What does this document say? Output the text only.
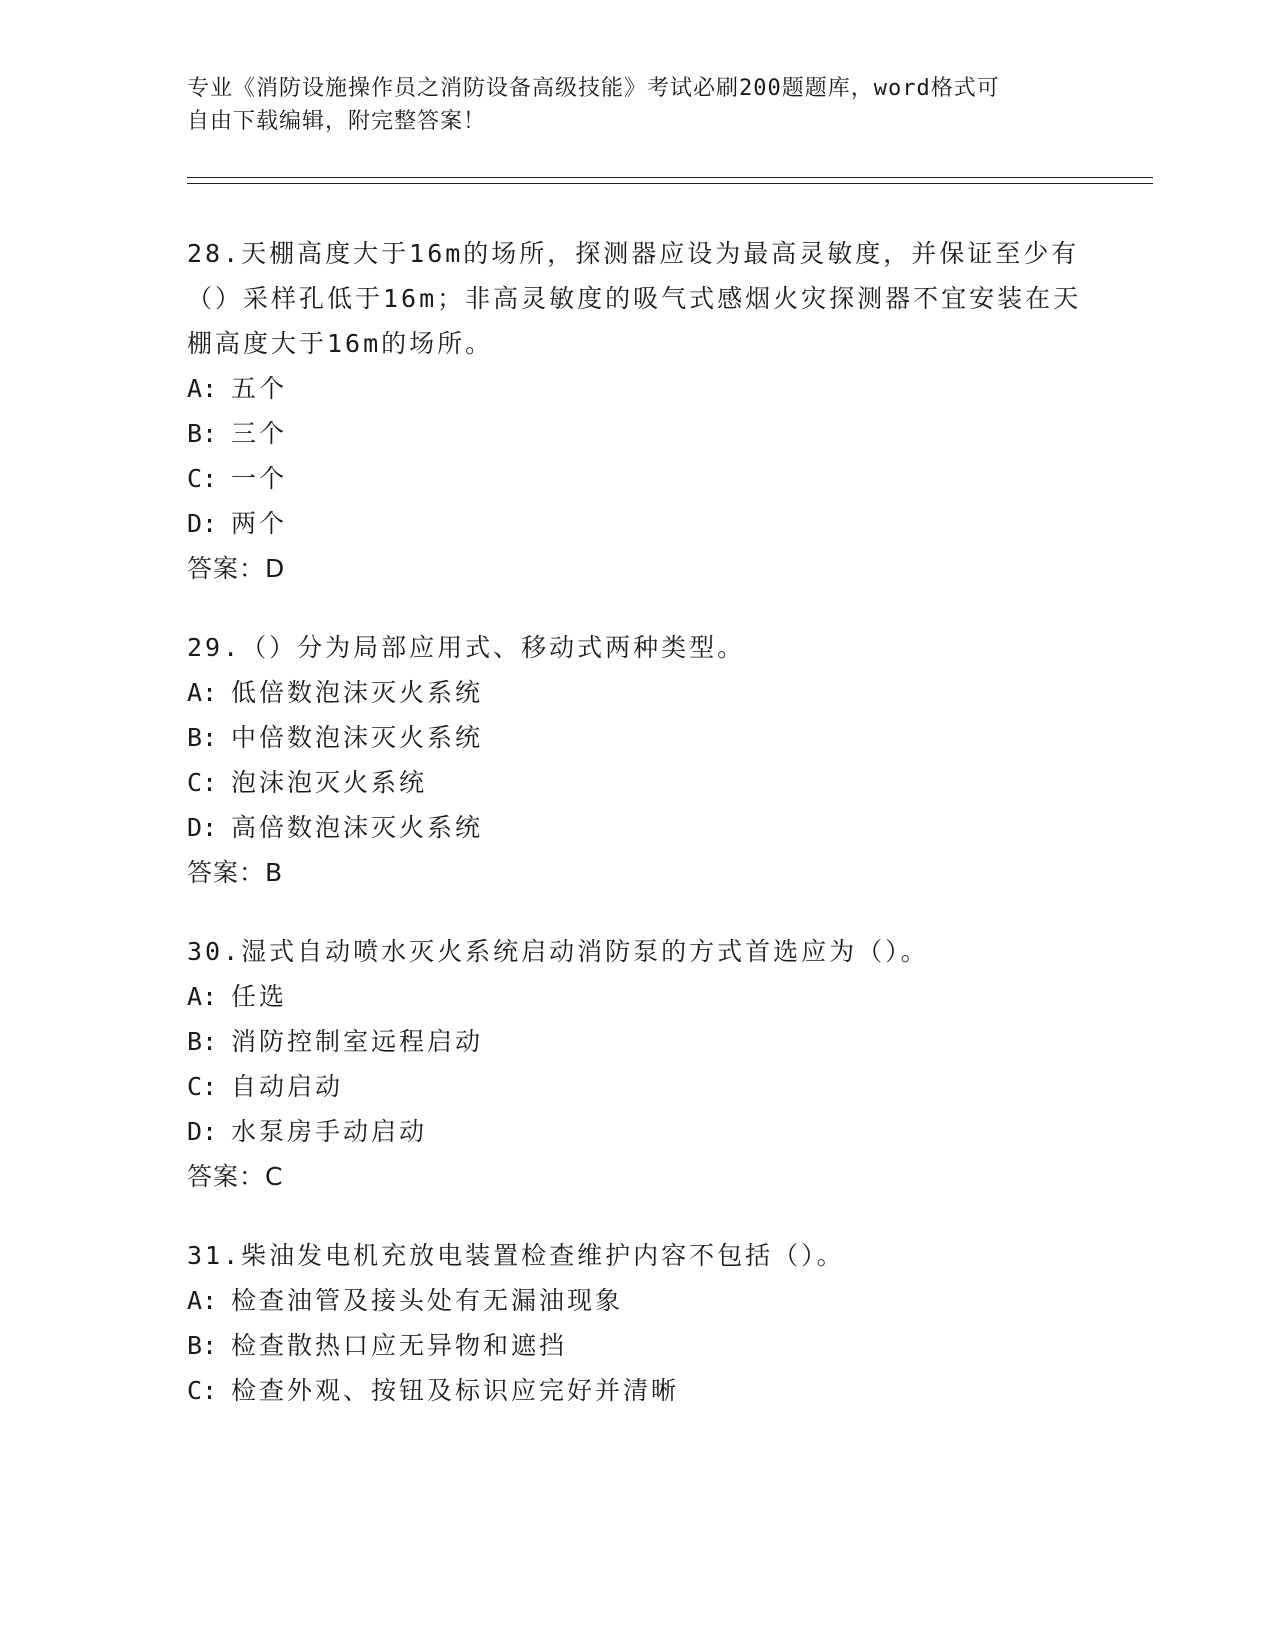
专业《消防设施操作员之消防设备高级技能》考试必刷200题题库，word格式可
自由下载编辑，附完整答案！
28.天棚高度大于16m的场所，探测器应设为最高灵敏度，并保证至少有（）采样孔低于16m；非高灵敏度的吸气式感烟火灾探测器不宜安装在天棚高度大于16m的场所。
A: 五个
B: 三个
C: 一个
D: 两个
答案：D
29.（）分为局部应用式、移动式两种类型。
A: 低倍数泡沫灭火系统
B: 中倍数泡沫灭火系统
C: 泡沫泡灭火系统
D: 高倍数泡沫灭火系统
答案：B
30.湿式自动喷水灭火系统启动消防泵的方式首选应为（）。
A: 任选
B: 消防控制室远程启动
C: 自动启动
D: 水泵房手动启动
答案：C
31.柴油发电机充放电装置检查维护内容不包括（）。
A: 检查油管及接头处有无漏油现象
B: 检查散热口应无异物和遮挡
C: 检查外观、按钮及标识应完好并清晰
